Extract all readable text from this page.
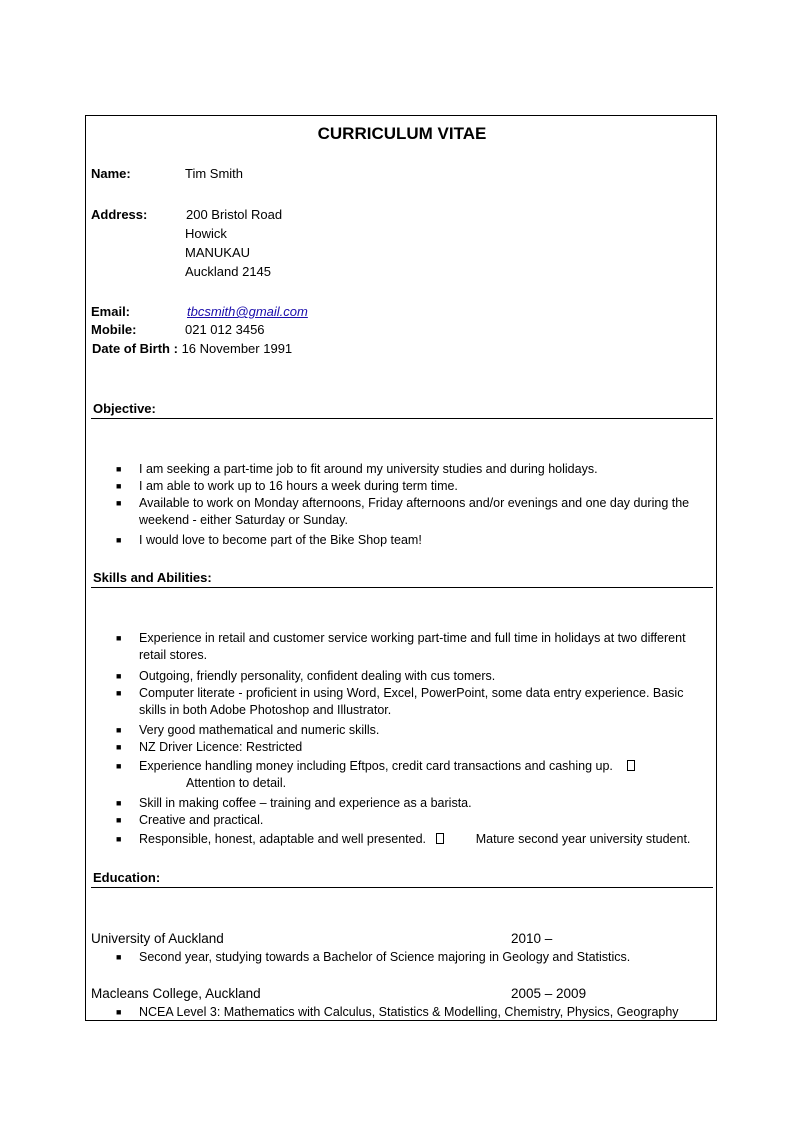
CURRICULUM VITAE
Name:	Tim Smith
Address:	200 Bristol Road
Howick
MANUKAU
Auckland 2145
Email:	tbcsmith@gmail.com
Mobile:	021 012 3456
Date of Birth : 16 November 1991
Objective:
■ I am seeking a part-time job to fit around my university studies and during holidays.
■ I am able to work up to 16 hours a week during term time.
■ Available to work on Monday afternoons, Friday afternoons and/or evenings and one day during the weekend - either Saturday or Sunday.
■ I would love to become part of the Bike Shop team!
Skills and Abilities:
■ Experience in retail and customer service working part-time and full time in holidays at two different retail stores.
■ Outgoing, friendly personality, confident dealing with cus tomers.
■ Computer literate - proficient in using Word, Excel, PowerPoint, some data entry experience. Basic skills in both Adobe Photoshop and Illustrator.
■ Very good mathematical and numeric skills.
■ NZ Driver Licence: Restricted
■ Experience handling money including Eftpos, credit card transactions and cashing up.
Attention to detail.
■ Skill in making coffee – training and experience as a barista.
■ Creative and practical.
■ Responsible, honest, adaptable and well presented.	Mature second year university student.
Education:
University of Auckland	2010 –
■ Second year, studying towards a Bachelor of Science majoring in Geology and Statistics.
Macleans College, Auckland	2005 – 2009
■ NCEA Level 3: Mathematics with Calculus, Statistics & Modelling, Chemistry, Physics, Geography
